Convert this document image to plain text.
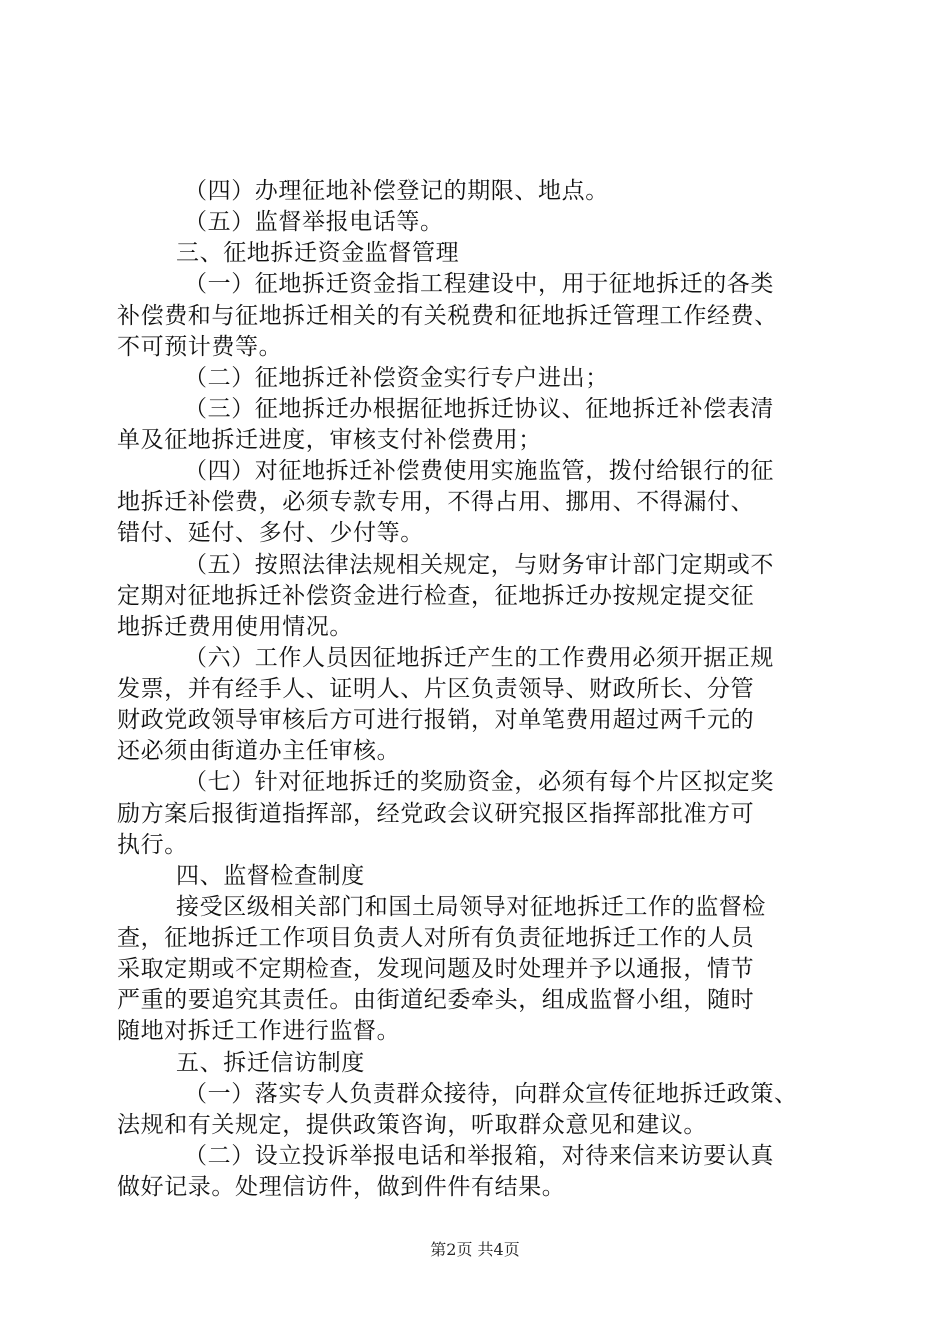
（四）办理征地补偿登记的期限、地点。
（五）监督举报电话等。
三、征地拆迁资金监督管理
（一）征地拆迁资金指工程建设中，用于征地拆迁的各类
补偿费和与征地拆迁相关的有关税费和征地拆迁管理工作经费、
不可预计费等。
（二）征地拆迁补偿资金实行专户进出；
（三）征地拆迁办根据征地拆迁协议、征地拆迁补偿表清
单及征地拆迁进度，审核支付补偿费用；
（四）对征地拆迁补偿费使用实施监管，拨付给银行的征
地拆迁补偿费，必须专款专用，不得占用、挪用、不得漏付、
错付、延付、多付、少付等。
（五）按照法律法规相关规定，与财务审计部门定期或不
定期对征地拆迁补偿资金进行检查，征地拆迁办按规定提交征
地拆迁费用使用情况。
（六）工作人员因征地拆迁产生的工作费用必须开据正规
发票，并有经手人、证明人、片区负责领导、财政所长、分管
财政党政领导审核后方可进行报销，对单笔费用超过两千元的
还必须由街道办主任审核。
（七）针对征地拆迁的奖励资金，必须有每个片区拟定奖
励方案后报街道指挥部，经党政会议研究报区指挥部批准方可
执行。
四、监督检查制度
接受区级相关部门和国土局领导对征地拆迁工作的监督检
查，征地拆迁工作项目负责人对所有负责征地拆迁工作的人员
采取定期或不定期检查，发现问题及时处理并予以通报，情节
严重的要追究其责任。由街道纪委牵头，组成监督小组，随时
随地对拆迁工作进行监督。
五、拆迁信访制度
（一）落实专人负责群众接待，向群众宣传征地拆迁政策、
法规和有关规定，提供政策咨询，听取群众意见和建议。
（二）设立投诉举报电话和举报箱，对待来信来访要认真
做好记录。处理信访件，做到件件有结果。
第2页 共4页
